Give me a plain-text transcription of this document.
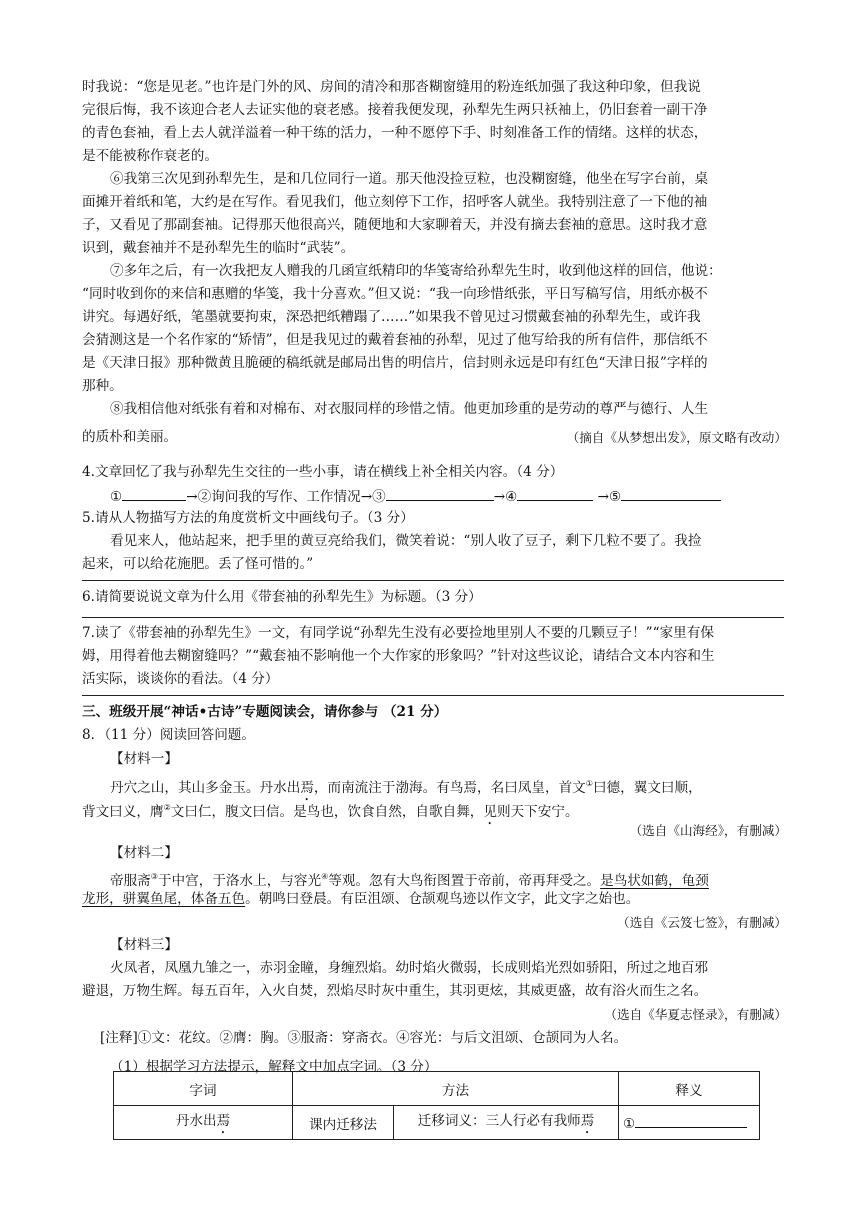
时我说：“您是见老。”也许是门外的风、房间的清冷和那沓糊窗缝用的粉连纸加强了我这种印象，但我说
完很后悔，我不该迎合老人去证实他的衰老感。接着我便发现，孙犁先生两只袄袖上，仍旧套着一副干净
的青色套袖，看上去人就洋溢着一种干练的活力，一种不愿停下手、时刻准备工作的情绪。这样的状态，
是不能被称作衰老的。
⑥我第三次见到孙犁先生，是和几位同行一道。那天他没捡豆粒，也没糊窗缝，他坐在写字台前，桌
面摊开着纸和笔，大约是在写作。看见我们，他立刻停下工作，招呼客人就坐。我特别注意了一下他的袖
子，又看见了那副套袖。记得那天他很高兴，随便地和大家聊着天，并没有摘去套袖的意思。这时我才意
识到，戴套袖并不是孙犁先生的临时“武装”。
⑦多年之后，有一次我把友人赠我的几函宣纸精印的华笺寄给孙犁先生时，收到他这样的回信，他说：
“同时收到你的来信和惠赠的华笺，我十分喜欢。”但又说：“我一向珍惜纸张，平日写稿写信，用纸亦极不
讲究。每遇好纸，笔墨就要拘束，深恐把纸糟蹋了……”如果我不曾见过习惯戴套袖的孙犁先生，或许我
会猜测这是一个名作家的“矫情”，但是我见过的戴着套袖的孙犁，见过了他写给我的所有信件，那信纸不
是《天津日报》那种微黄且脆硬的稿纸就是邮局出售的明信片，信封则永远是印有红色“天津日报”字样的
那种。
⑧我相信他对纸张有着和对棉布、对衣服同样的珍惜之情。他更加珍重的是劳动的尊严与德行、人生
的质朴和美丽。	（摘自《从梦想出发》，原文略有改动）
4.文章回忆了我与孙犁先生交往的一些小事，请在横线上补全相关内容。（4 分）
①	→②询问我的写作、工作情况→③	→④	→⑤
5.请从人物描写方法的角度赏析文中画线句子。（3 分）
看见来人，他站起来，把手里的黄豆亮给我们，微笑着说：“别人收了豆子，剩下几粒不要了。我捡
起来，可以给花施肥。丢了怪可惜的。”
6.请简要说说文章为什么用《带套袖的孙犁先生》为标题。（3 分）
7.读了《带套袖的孙犁先生》一文，有同学说“孙犁先生没有必要捡地里别人不要的几颗豆子！”“家里有保
姆，用得着他去糊窗缝吗？”“戴套袖不影响他一个大作家的形象吗？”针对这些议论，请结合文本内容和生
活实际，谈谈你的看法。（4 分）
三、班级开展“神话•古诗”专题阅读会，请你参与 （21 分）
8．（11 分）阅读回答问题。
【材料一】
丹穴之山，其山多金玉。丹水出焉，而南流注于渤海。有鸟焉，名曰凤皇，首文①曰德，翼文曰顺，
背文曰义，膺②文曰仁，腹文曰信。是鸟也，饮食自然，自歌自舞，见则天下安宁。
（选自《山海经》，有删减）
【材料二】
帝服斋③于中宫，于洛水上，与容光④等观。忽有大鸟衔图置于帝前，帝再拜受之。是鸟状如鹤，龟颈
龙形，骈翼鱼尾，体备五色。朝鸣曰登晨。有臣沮颂、仓颉观鸟迹以作文字，此文字之始也。
（选自《云笈七签》，有删减）
【材料三】
火凤者，凤凰九雏之一，赤羽金瞳，身缠烈焰。幼时焰火微弱，长成则焰光烈如骄阳，所过之地百邪
避退，万物生辉。每五百年，入火自焚，烈焰尽时灰中重生，其羽更炫，其威更盛，故有浴火而生之名。
（选自《华夏志怪录》，有删减）
[注释]①文：花纹。②膺：胸。③服斋：穿斋衣。④容光：与后文沮颂、仓颉同为人名。
（1）根据学习方法提示，解释文中加点字词。（3 分）
字词	方法		释义
丹水出焉	课内迁移法	迁移词义：三人行必有我师焉	①
